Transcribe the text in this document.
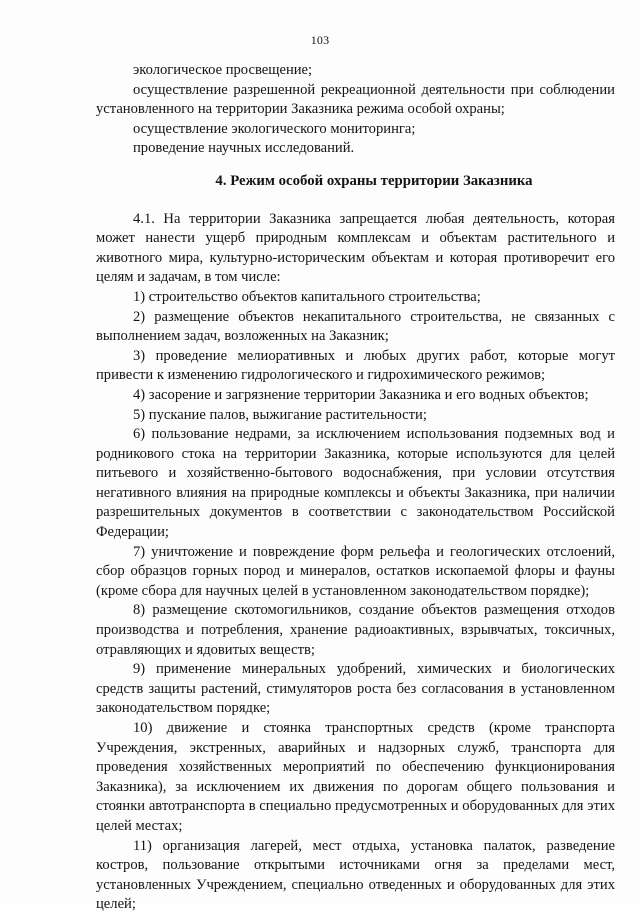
103

экологическое просвещение;

осуществление разрешенной рекреационной деятельности при соблюдении установленного на территории Заказника режима особой охраны;

осуществление экологического мониторинга;

проведение научных исследований.

4. Режим особой охраны территории Заказника

4.1. На территории Заказника запрещается любая деятельность, которая может нанести ущерб природным комплексам и объектам растительного и животного мира, культурно-историческим объектам и которая противоречит его целям и задачам, в том числе:

1) строительство объектов капитального строительства;

2) размещение объектов некапитального строительства, не связанных с выполнением задач, возложенных на Заказник;

3) проведение мелиоративных и любых других работ, которые могут привести к изменению гидрологического и гидрохимического режимов;

4) засорение и загрязнение территории Заказника и его водных объектов;

5) пускание палов, выжигание растительности;

6) пользование недрами, за исключением использования подземных вод и родникового стока на территории Заказника, которые используются для целей питьевого и хозяйственно-бытового водоснабжения, при условии отсутствия негативного влияния на природные комплексы и объекты Заказника, при наличии разрешительных документов в соответствии с законодательством Российской Федерации;

7) уничтожение и повреждение форм рельефа и геологических отслоений, сбор образцов горных пород и минералов, остатков ископаемой флоры и фауны (кроме сбора для научных целей в установленном законодательством порядке);

8) размещение скотомогильников, создание объектов размещения отходов производства и потребления, хранение радиоактивных, взрывчатых, токсичных, отравляющих и ядовитых веществ;

9) применение минеральных удобрений, химических и биологических средств защиты растений, стимуляторов роста без согласования в установленном законодательством порядке;

10) движение и стоянка транспортных средств (кроме транспорта Учреждения, экстренных, аварийных и надзорных служб, транспорта для проведения хозяйственных мероприятий по обеспечению функционирования Заказника), за исключением их движения по дорогам общего пользования и стоянки автотранспорта в специально предусмотренных и оборудованных для этих целей местах;

11) организация лагерей, мест отдыха, установка палаток, разведение костров, пользование открытыми источниками огня за пределами мест, установленных Учреждением, специально отведенных и оборудованных для этих целей;
